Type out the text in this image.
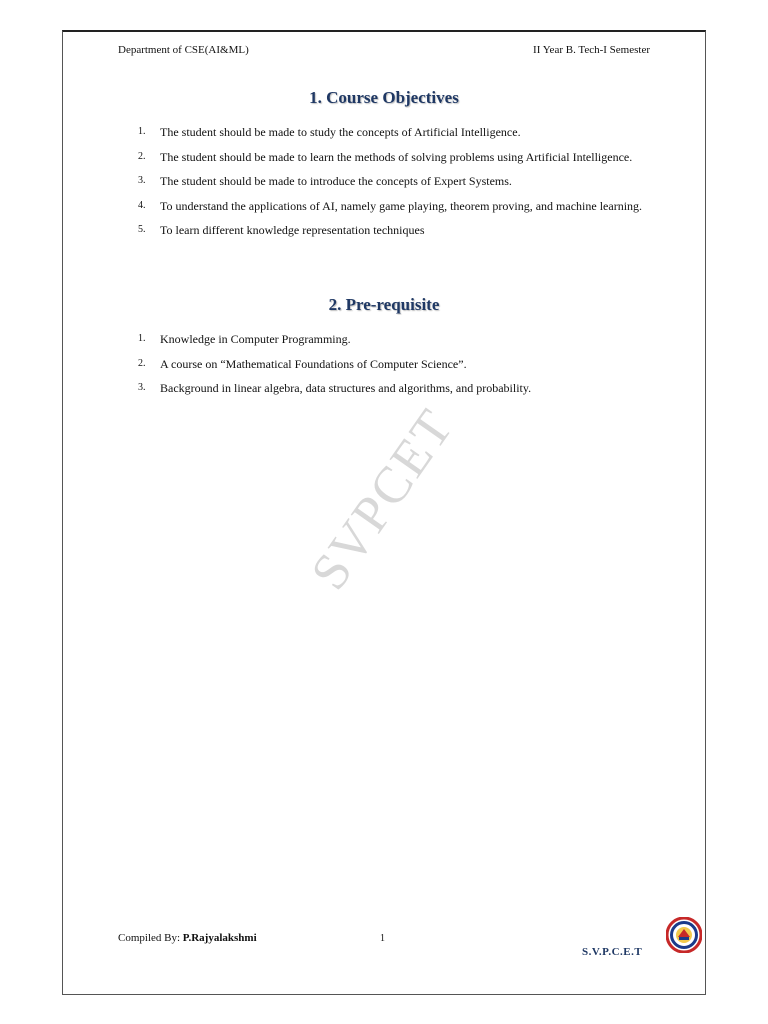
Department of CSE(AI&ML)	II Year B. Tech-I Semester
1. Course Objectives
1. The student should be made to study the concepts of Artificial Intelligence.
2. The student should be made to learn the methods of solving problems using Artificial Intelligence.
3. The student should be made to introduce the concepts of Expert Systems.
4. To understand the applications of AI, namely game playing, theorem proving, and machine learning.
5. To learn different knowledge representation techniques
2. Pre-requisite
1. Knowledge in Computer Programming.
2. A course on “Mathematical Foundations of Computer Science”.
3. Background in linear algebra, data structures and algorithms, and probability.
SVPCET
Compiled By: P.Rajyalakshmi	1
S.V.P.C.E.T
